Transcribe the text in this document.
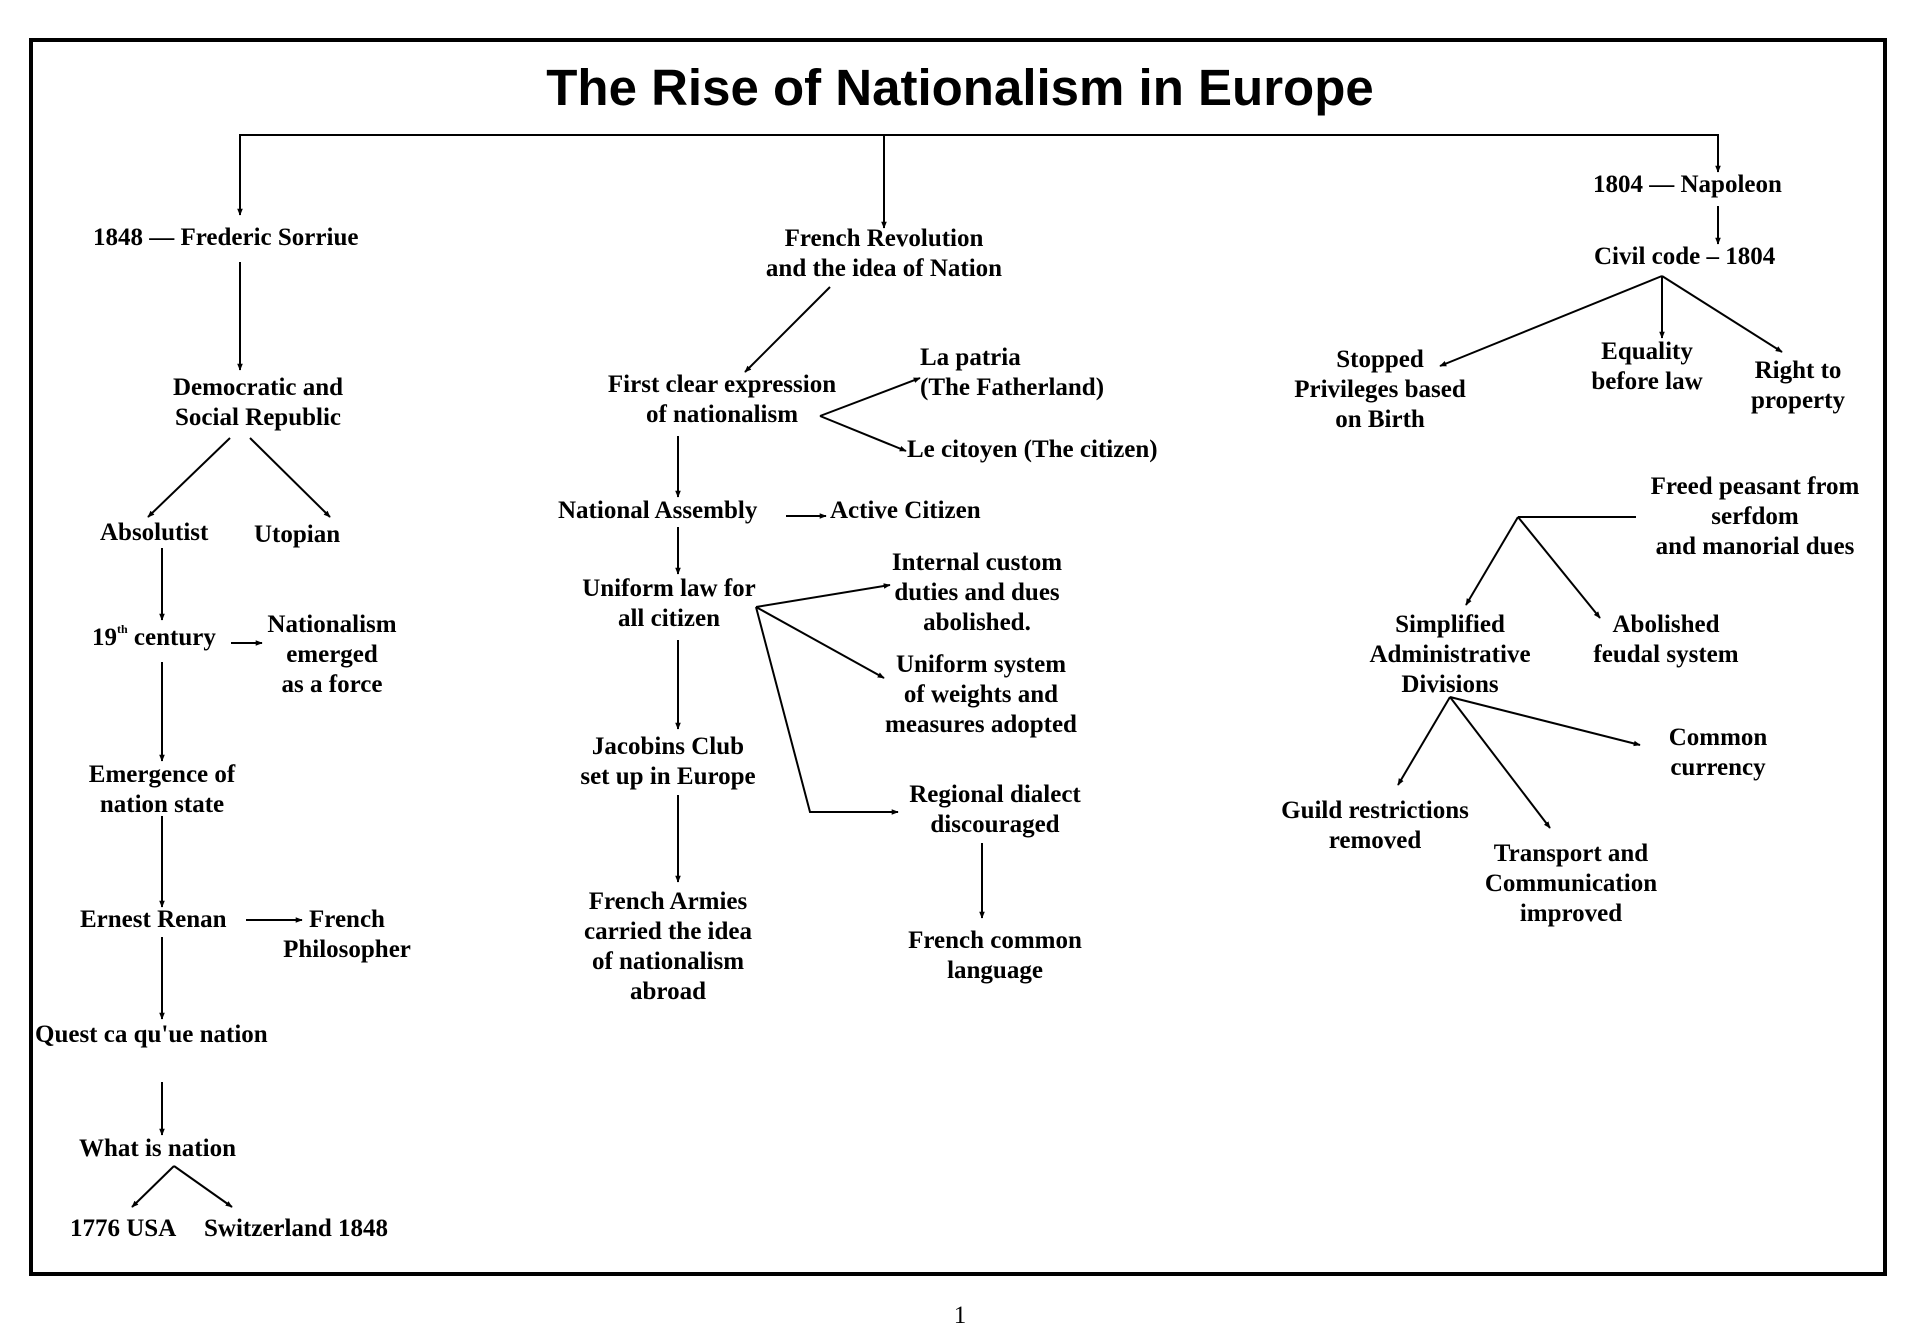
The Rise of Nationalism in Europe
1848 — Frederic Sorriue
Democratic and
Social Republic
Absolutist Utopian
19th century Nationalism
emerged
as a force
Emergence of
nation state
Ernest Renan	French
Philosopher
Quest ca qu'ue nation
What is nation
1776 USA Switzerland 1848
French Revolution
and the idea of Nation
First clear expression
of nationalism
La patria
(The Fatherland)
Le citoyen (The citizen)
National Assembly	Active Citizen
Uniform law for
all citizen
Internal custom
duties and dues
abolished.
Uniform system
of weights and
measures adopted
Regional dialect
discouraged
French common
language
Jacobins Club
set up in Europe
French Armies
carried the idea
of nationalism
abroad
1804 — Napoleon
Civil code – 1804
Stopped
Privileges based
on Birth
Equality
before law Right to
property
Freed peasant from
serfdom
and manorial dues
Simplified
Administrative
Divisions
Abolished
feudal system
Common
currency
Guild restrictions
removed	Transport and
Communication
improved
1
